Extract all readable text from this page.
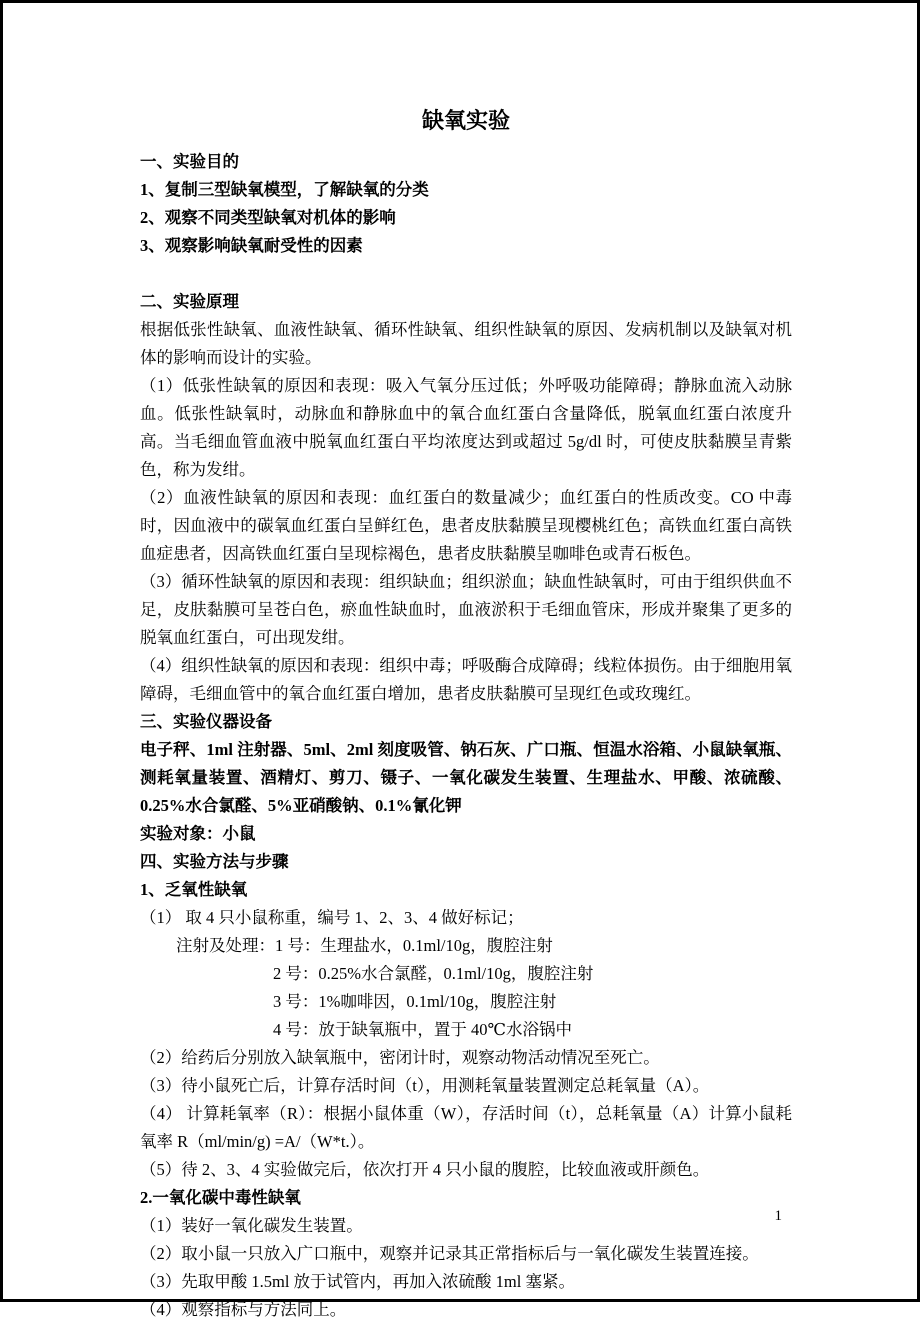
缺氧实验
一、实验目的
1、复制三型缺氧模型，了解缺氧的分类
2、观察不同类型缺氧对机体的影响
3、观察影响缺氧耐受性的因素
二、实验原理
根据低张性缺氧、血液性缺氧、循环性缺氧、组织性缺氧的原因、发病机制以及缺氧对机体的影响而设计的实验。
（1）低张性缺氧的原因和表现：吸入气氧分压过低；外呼吸功能障碍；静脉血流入动脉血。低张性缺氧时，动脉血和静脉血中的氧合血红蛋白含量降低，脱氧血红蛋白浓度升高。当毛细血管血液中脱氧血红蛋白平均浓度达到或超过 5g/dl 时，可使皮肤黏膜呈青紫色，称为发绀。
（2）血液性缺氧的原因和表现：血红蛋白的数量减少；血红蛋白的性质改变。CO 中毒时，因血液中的碳氧血红蛋白呈鲜红色，患者皮肤黏膜呈现樱桃红色；高铁血红蛋白高铁血症患者，因高铁血红蛋白呈现棕褐色，患者皮肤黏膜呈咖啡色或青石板色。
（3）循环性缺氧的原因和表现：组织缺血；组织淤血；缺血性缺氧时，可由于组织供血不足，皮肤黏膜可呈苍白色，瘀血性缺血时，血液淤积于毛细血管床，形成并聚集了更多的脱氧血红蛋白，可出现发绀。
（4）组织性缺氧的原因和表现：组织中毒；呼吸酶合成障碍；线粒体损伤。由于细胞用氧障碍，毛细血管中的氧合血红蛋白增加，患者皮肤黏膜可呈现红色或玫瑰红。
三、实验仪器设备
电子秤、1ml 注射器、5ml、2ml 刻度吸管、钠石灰、广口瓶、恒温水浴箱、小鼠缺氧瓶、测耗氧量装置、酒精灯、剪刀、镊子、一氧化碳发生装置、生理盐水、甲酸、浓硫酸、0.25%水合氯醛、5%亚硝酸钠、0.1%氰化钾
实验对象：小鼠
四、实验方法与步骤
1、乏氧性缺氧
（1） 取 4 只小鼠称重，编号 1、2、3、4 做好标记；
注射及处理：1 号：生理盐水，0.1ml/10g，腹腔注射
2 号：0.25%水合氯醛，0.1ml/10g，腹腔注射
3 号：1%咖啡因，0.1ml/10g，腹腔注射
4 号：放于缺氧瓶中，置于 40℃水浴锅中
（2）给药后分别放入缺氧瓶中，密闭计时，观察动物活动情况至死亡。
（3）待小鼠死亡后，计算存活时间（t），用测耗氧量装置测定总耗氧量（A）。
（4） 计算耗氧率（R）：根据小鼠体重（W），存活时间（t），总耗氧量（A）计算小鼠耗氧率 R（ml/min/g) =A/（W*t.）。
（5）待 2、3、4 实验做完后，依次打开 4 只小鼠的腹腔，比较血液或肝颜色。
2.一氧化碳中毒性缺氧
（1）装好一氧化碳发生装置。
（2）取小鼠一只放入广口瓶中，观察并记录其正常指标后与一氧化碳发生装置连接。
（3）先取甲酸 1.5ml 放于试管内，再加入浓硫酸 1ml 塞紧。
（4）观察指标与方法同上。
1
